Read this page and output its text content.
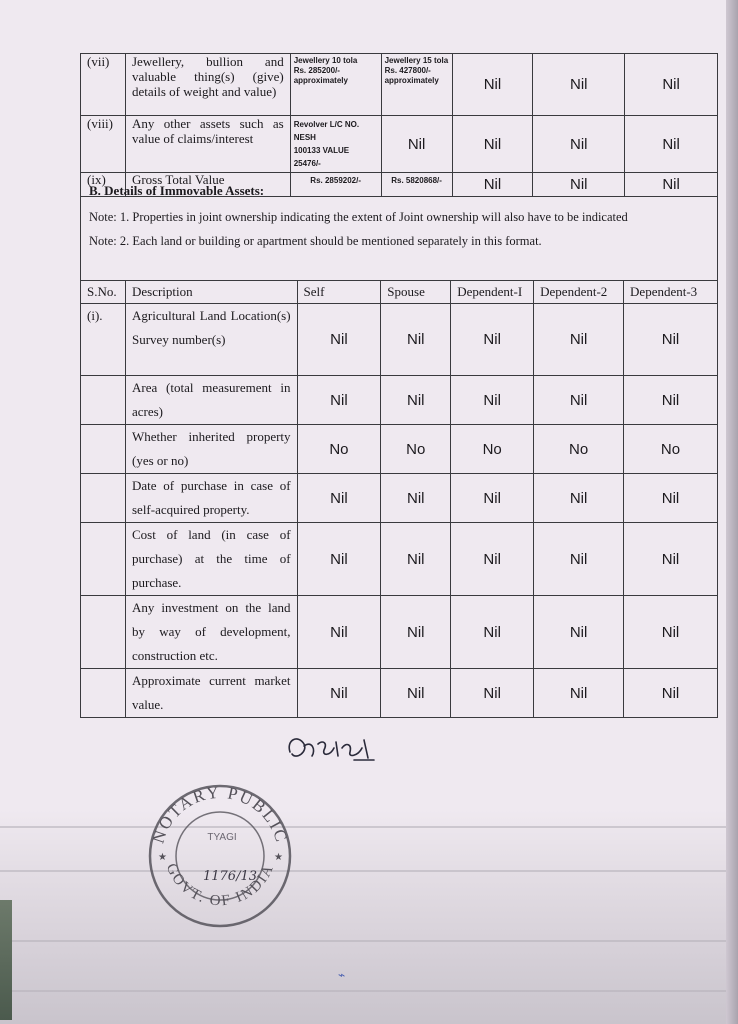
(vii)	Jewellery, bullion and valuable thing(s) (give) details of weight and value)	Jewellery 10 tola
Rs. 285200/-
approximately	Jewellery 15 tola
Rs. 427800/-
approximately	Nil	Nil	Nil
(viii)	Any other assets such as value of claims/interest	Revolver L/C NO. NESH
100133 VALUE 25476/-	Nil	Nil	Nil	Nil
(ix)	Gross Total Value	Rs. 2859202/-	Rs. 5820868/-	Nil	Nil	Nil
B. Details of Immovable Assets:
Note: 1. Properties in joint ownership indicating the extent of Joint ownership will also have to be indicated
Note: 2. Each land or building or apartment should be mentioned separately in this format.
S.No.	Description	Self	Spouse	Dependent-I	Dependent-2	Dependent-3
(i).	Agricultural Land Location(s) Survey number(s)	Nil	Nil	Nil	Nil	Nil
	Area (total measurement in acres)	Nil	Nil	Nil	Nil	Nil
	Whether inherited property (yes or no)	No	No	No	No	No
	Date of purchase in case of self-acquired property.	Nil	Nil	Nil	Nil	Nil
	Cost of land (in case of purchase) at the time of purchase.	Nil	Nil	Nil	Nil	Nil
	Any investment on the land by way of development, construction etc.	Nil	Nil	Nil	Nil	Nil
	Approximate current market value.	Nil	Nil	Nil	Nil	Nil
NOTARY PUBLIC
GOVT. OF INDIA
TYAGI
1176/13
★	★
⌁
